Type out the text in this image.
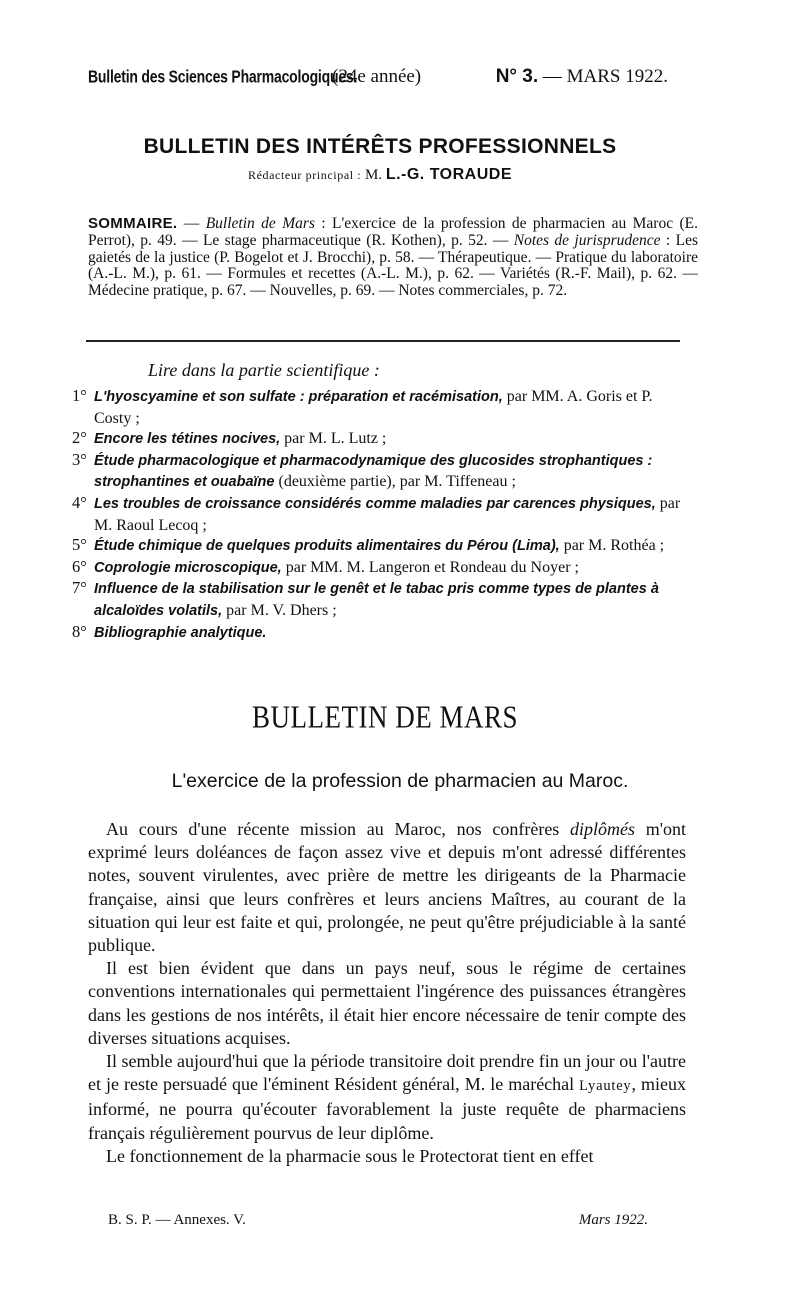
Bulletin des Sciences Pharmacologiques.
(24e année)	N° 3. — MARS 1922.
BULLETIN DES INTÉRÊTS PROFESSIONNELS
Rédacteur principal : M. L.-G. TORAUDE
SOMMAIRE. — Bulletin de Mars : L'exercice de la profession de pharmacien au Maroc (E. Perrot), p. 49. — Le stage pharmaceutique (R. Kothen), p. 52. — Notes de jurisprudence : Les gaietés de la justice (P. Bogelot et J. Brocchi), p. 58. — Thérapeutique. — Pratique du laboratoire (A.-L. M.), p. 61. — Formules et recettes (A.-L. M.), p. 62. — Variétés (R.-F. Mail), p. 62. — Médecine pratique, p. 67. — Nouvelles, p. 69. — Notes commerciales, p. 72.
Lire dans la partie scientifique :
1° L'hyoscyamine et son sulfate : préparation et racémisation, par MM. A. Goris et P. Costy ;
2° Encore les tétines nocives, par M. L. Lutz ;
3° Étude pharmacologique et pharmacodynamique des glucosides strophantiques : strophantines et ouabaïne (deuxième partie), par M. Tiffeneau ;
4° Les troubles de croissance considérés comme maladies par carences physiques, par M. Raoul Lecoq ;
5° Étude chimique de quelques produits alimentaires du Pérou (Lima), par M. Rothéa ;
6° Coprologie microscopique, par MM. M. Langeron et Rondeau du Noyer ;
7° Influence de la stabilisation sur le genêt et le tabac pris comme types de plantes à alcaloïdes volatils, par M. V. Dhers ;
8° Bibliographie analytique.
BULLETIN DE MARS
L'exercice de la profession de pharmacien au Maroc.

 Au cours d'une récente mission au Maroc, nos confrères diplômés m'ont exprimé leurs doléances de façon assez vive et depuis m'ont adressé différentes notes, souvent virulentes, avec prière de mettre les dirigeants de la Pharmacie française, ainsi que leurs confrères et leurs anciens Maîtres, au courant de la situation qui leur est faite et qui, prolongée, ne peut qu'être préjudiciable à la santé publique.

 Il est bien évident que dans un pays neuf, sous le régime de certaines conventions internationales qui permettaient l'ingérence des puissances étrangères dans les gestions de nos intérêts, il était hier encore nécessaire de tenir compte des diverses situations acquises.

 Il semble aujourd'hui que la période transitoire doit prendre fin un jour ou l'autre et je reste persuadé que l'éminent Résident général, M. le maréchal Lyautey, mieux informé, ne pourra qu'écouter favorablement la juste requête de pharmaciens français régulièrement pourvus de leur diplôme.

 Le fonctionnement de la pharmacie sous le Protectorat tient en effet

B. S. P. — Annexes. V.	Mars 1922.
